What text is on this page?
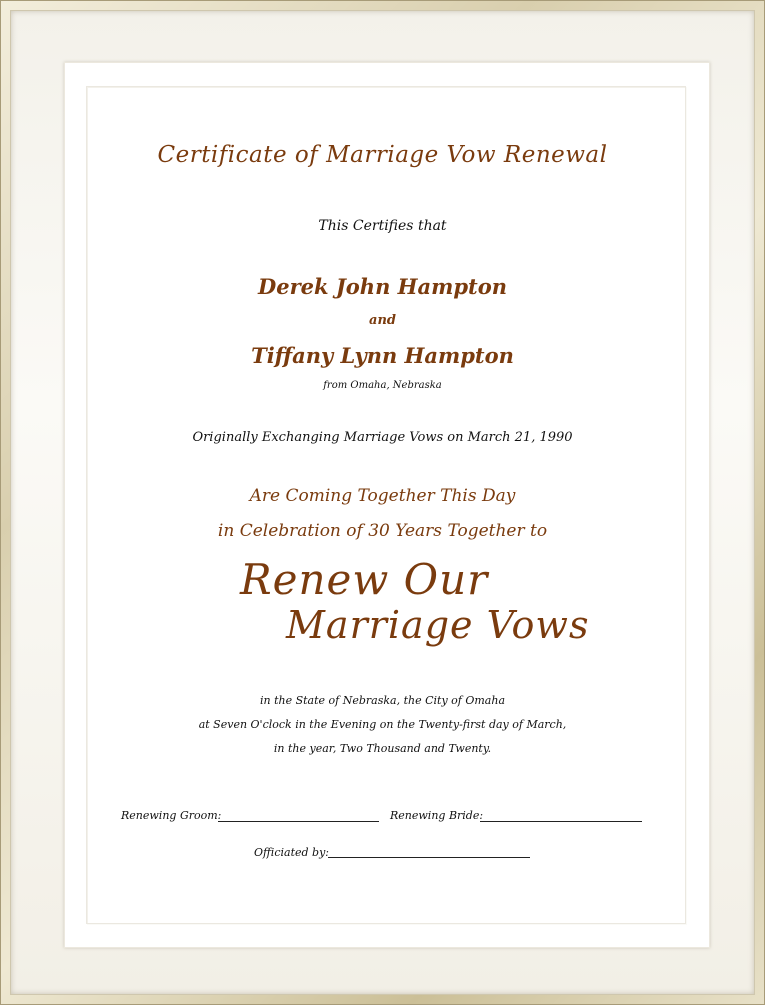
Certificate of Marriage Vow Renewal
This Certifies that
Derek John Hampton
and
Tiffany Lynn Hampton
from Omaha, Nebraska
Originally Exchanging Marriage Vows on March 21, 1990
Are Coming Together This Day
in Celebration of 30 Years Together to
Renew Our
Marriage Vows
in the State of Nebraska, the City of Omaha
at Seven O'clock in the Evening on the Twenty-first day of March,
in the year, Two Thousand and Twenty.
Renewing Groom:	Renewing Bride:
Officiated by:
